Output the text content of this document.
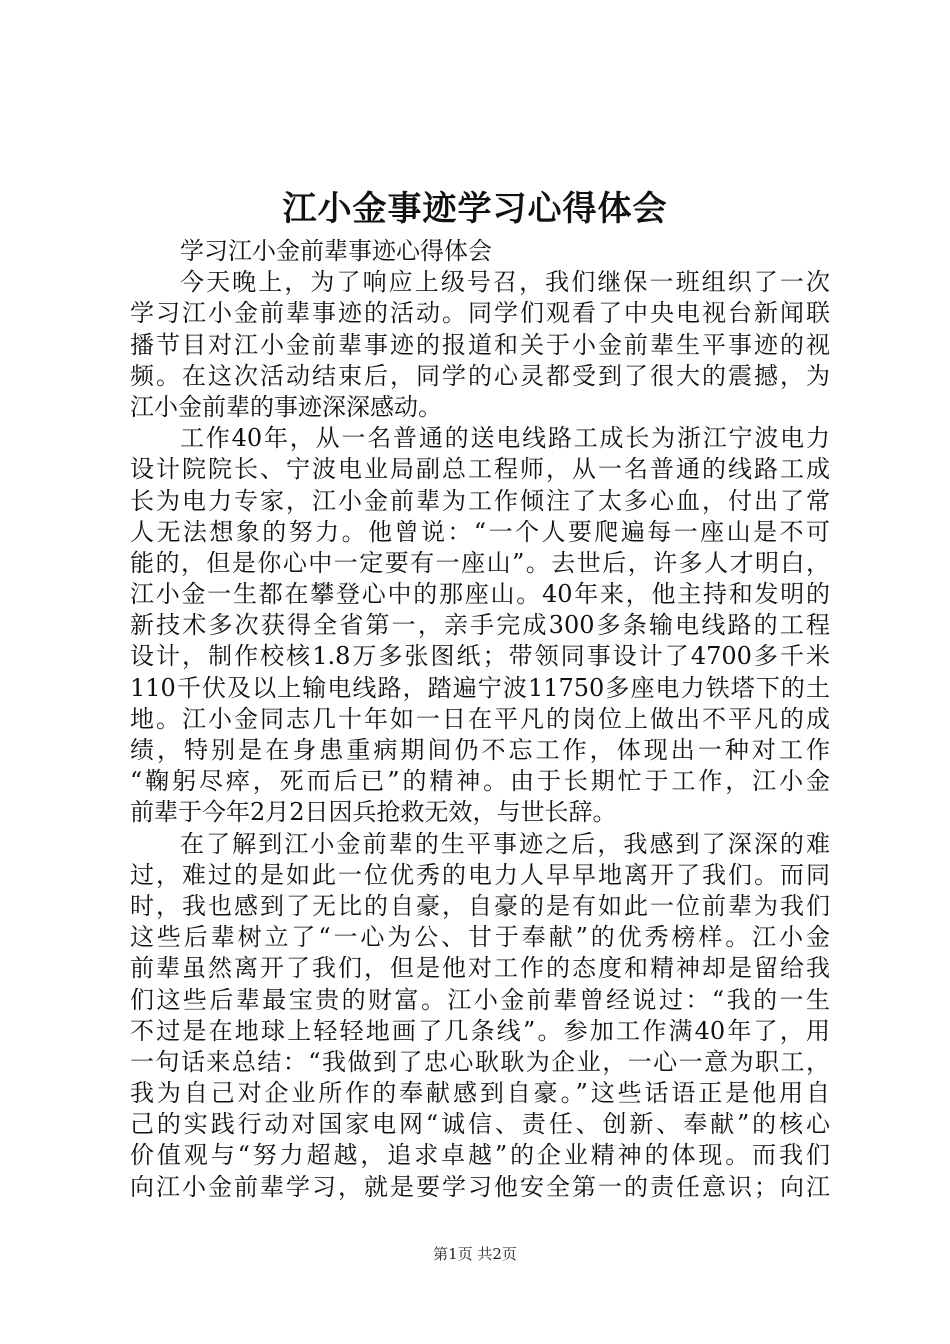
江小金事迹学习心得体会
学习江小金前辈事迹心得体会
今天晚上，为了响应上级号召，我们继保一班组织了一次
学习江小金前辈事迹的活动。同学们观看了中央电视台新闻联
播节目对江小金前辈事迹的报道和关于小金前辈生平事迹的视
频。在这次活动结束后，同学的心灵都受到了很大的震撼，为
江小金前辈的事迹深深感动。
工作40年，从一名普通的送电线路工成长为浙江宁波电力
设计院院长、宁波电业局副总工程师，从一名普通的线路工成
长为电力专家，江小金前辈为工作倾注了太多心血，付出了常
人无法想象的努力。他曾说：“一个人要爬遍每一座山是不可
能的，但是你心中一定要有一座山”。去世后，许多人才明白，
江小金一生都在攀登心中的那座山。40年来，他主持和发明的
新技术多次获得全省第一，亲手完成300多条输电线路的工程
设计，制作校核1.8万多张图纸；带领同事设计了4700多千米
110千伏及以上输电线路，踏遍宁波11750多座电力铁塔下的土
地。江小金同志几十年如一日在平凡的岗位上做出不平凡的成
绩，特别是在身患重病期间仍不忘工作，体现出一种对工作
“鞠躬尽瘁，死而后已”的精神。由于长期忙于工作，江小金
前辈于今年2月2日因兵抢救无效，与世长辞。
在了解到江小金前辈的生平事迹之后，我感到了深深的难
过，难过的是如此一位优秀的电力人早早地离开了我们。而同
时，我也感到了无比的自豪，自豪的是有如此一位前辈为我们
这些后辈树立了“一心为公、甘于奉献”的优秀榜样。江小金
前辈虽然离开了我们，但是他对工作的态度和精神却是留给我
们这些后辈最宝贵的财富。江小金前辈曾经说过：“我的一生
不过是在地球上轻轻地画了几条线”。参加工作满40年了，用
一句话来总结：“我做到了忠心耿耿为企业，一心一意为职工，
我为自己对企业所作的奉献感到自豪。”这些话语正是他用自
己的实践行动对国家电网“诚信、责任、创新、奉献”的核心
价值观与“努力超越，追求卓越”的企业精神的体现。而我们
向江小金前辈学习，就是要学习他安全第一的责任意识；向江
第1页 共2页
